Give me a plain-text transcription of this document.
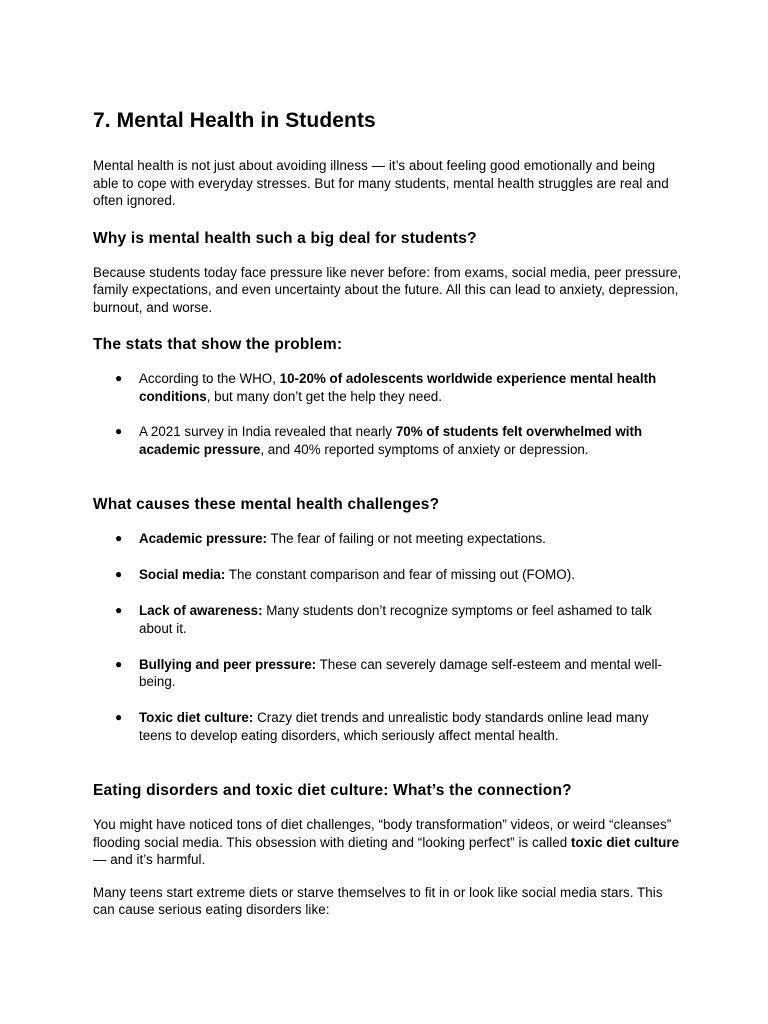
7. Mental Health in Students

Mental health is not just about avoiding illness — it’s about feeling good emotionally and being able to cope with everyday stresses. But for many students, mental health struggles are real and often ignored.

Why is mental health such a big deal for students?

Because students today face pressure like never before: from exams, social media, peer pressure, family expectations, and even uncertainty about the future. All this can lead to anxiety, depression, burnout, and worse.

The stats that show the problem:
● According to the WHO, 10-20% of adolescents worldwide experience mental health conditions, but many don’t get the help they need.
● A 2021 survey in India revealed that nearly 70% of students felt overwhelmed with academic pressure, and 40% reported symptoms of anxiety or depression.
What causes these mental health challenges?
● Academic pressure: The fear of failing or not meeting expectations.
● Social media: The constant comparison and fear of missing out (FOMO).
● Lack of awareness: Many students don’t recognize symptoms or feel ashamed to talk about it.
● Bullying and peer pressure: These can severely damage self-esteem and mental well-being.
● Toxic diet culture: Crazy diet trends and unrealistic body standards online lead many teens to develop eating disorders, which seriously affect mental health.
Eating disorders and toxic diet culture: What’s the connection?

You might have noticed tons of diet challenges, “body transformation” videos, or weird “cleanses” flooding social media. This obsession with dieting and “looking perfect” is called toxic diet culture — and it’s harmful.

Many teens start extreme diets or starve themselves to fit in or look like social media stars. This can cause serious eating disorders like:
